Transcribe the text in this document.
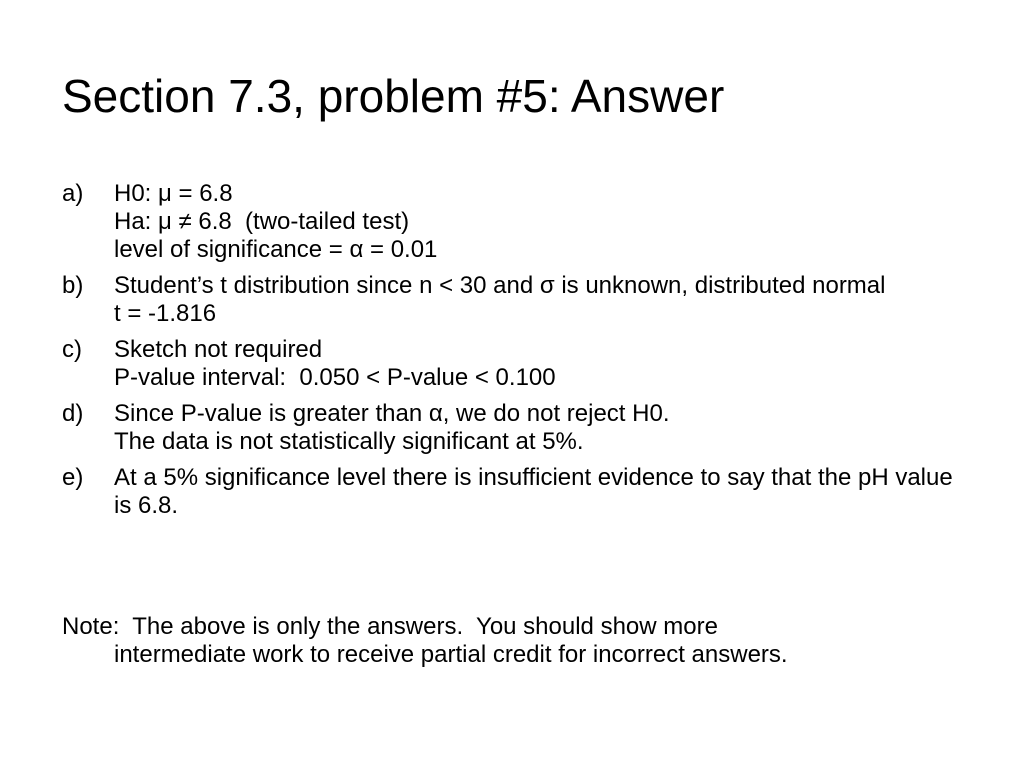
Section 7.3, problem #5: Answer
a) H0: μ = 6.8
Ha: μ ≠ 6.8  (two-tailed test)
level of significance = α = 0.01
b) Student’s t distribution since n < 30 and σ is unknown, distributed normal
t = -1.816
c) Sketch not required
P-value interval:  0.050 < P-value < 0.100
d) Since P-value is greater than α, we do not reject H0.
The data is not statistically significant at 5%.
e) At a 5% significance level there is insufficient evidence to say that the pH value is 6.8.
Note:  The above is only the answers.  You should show more
intermediate work to receive partial credit for incorrect answers.
